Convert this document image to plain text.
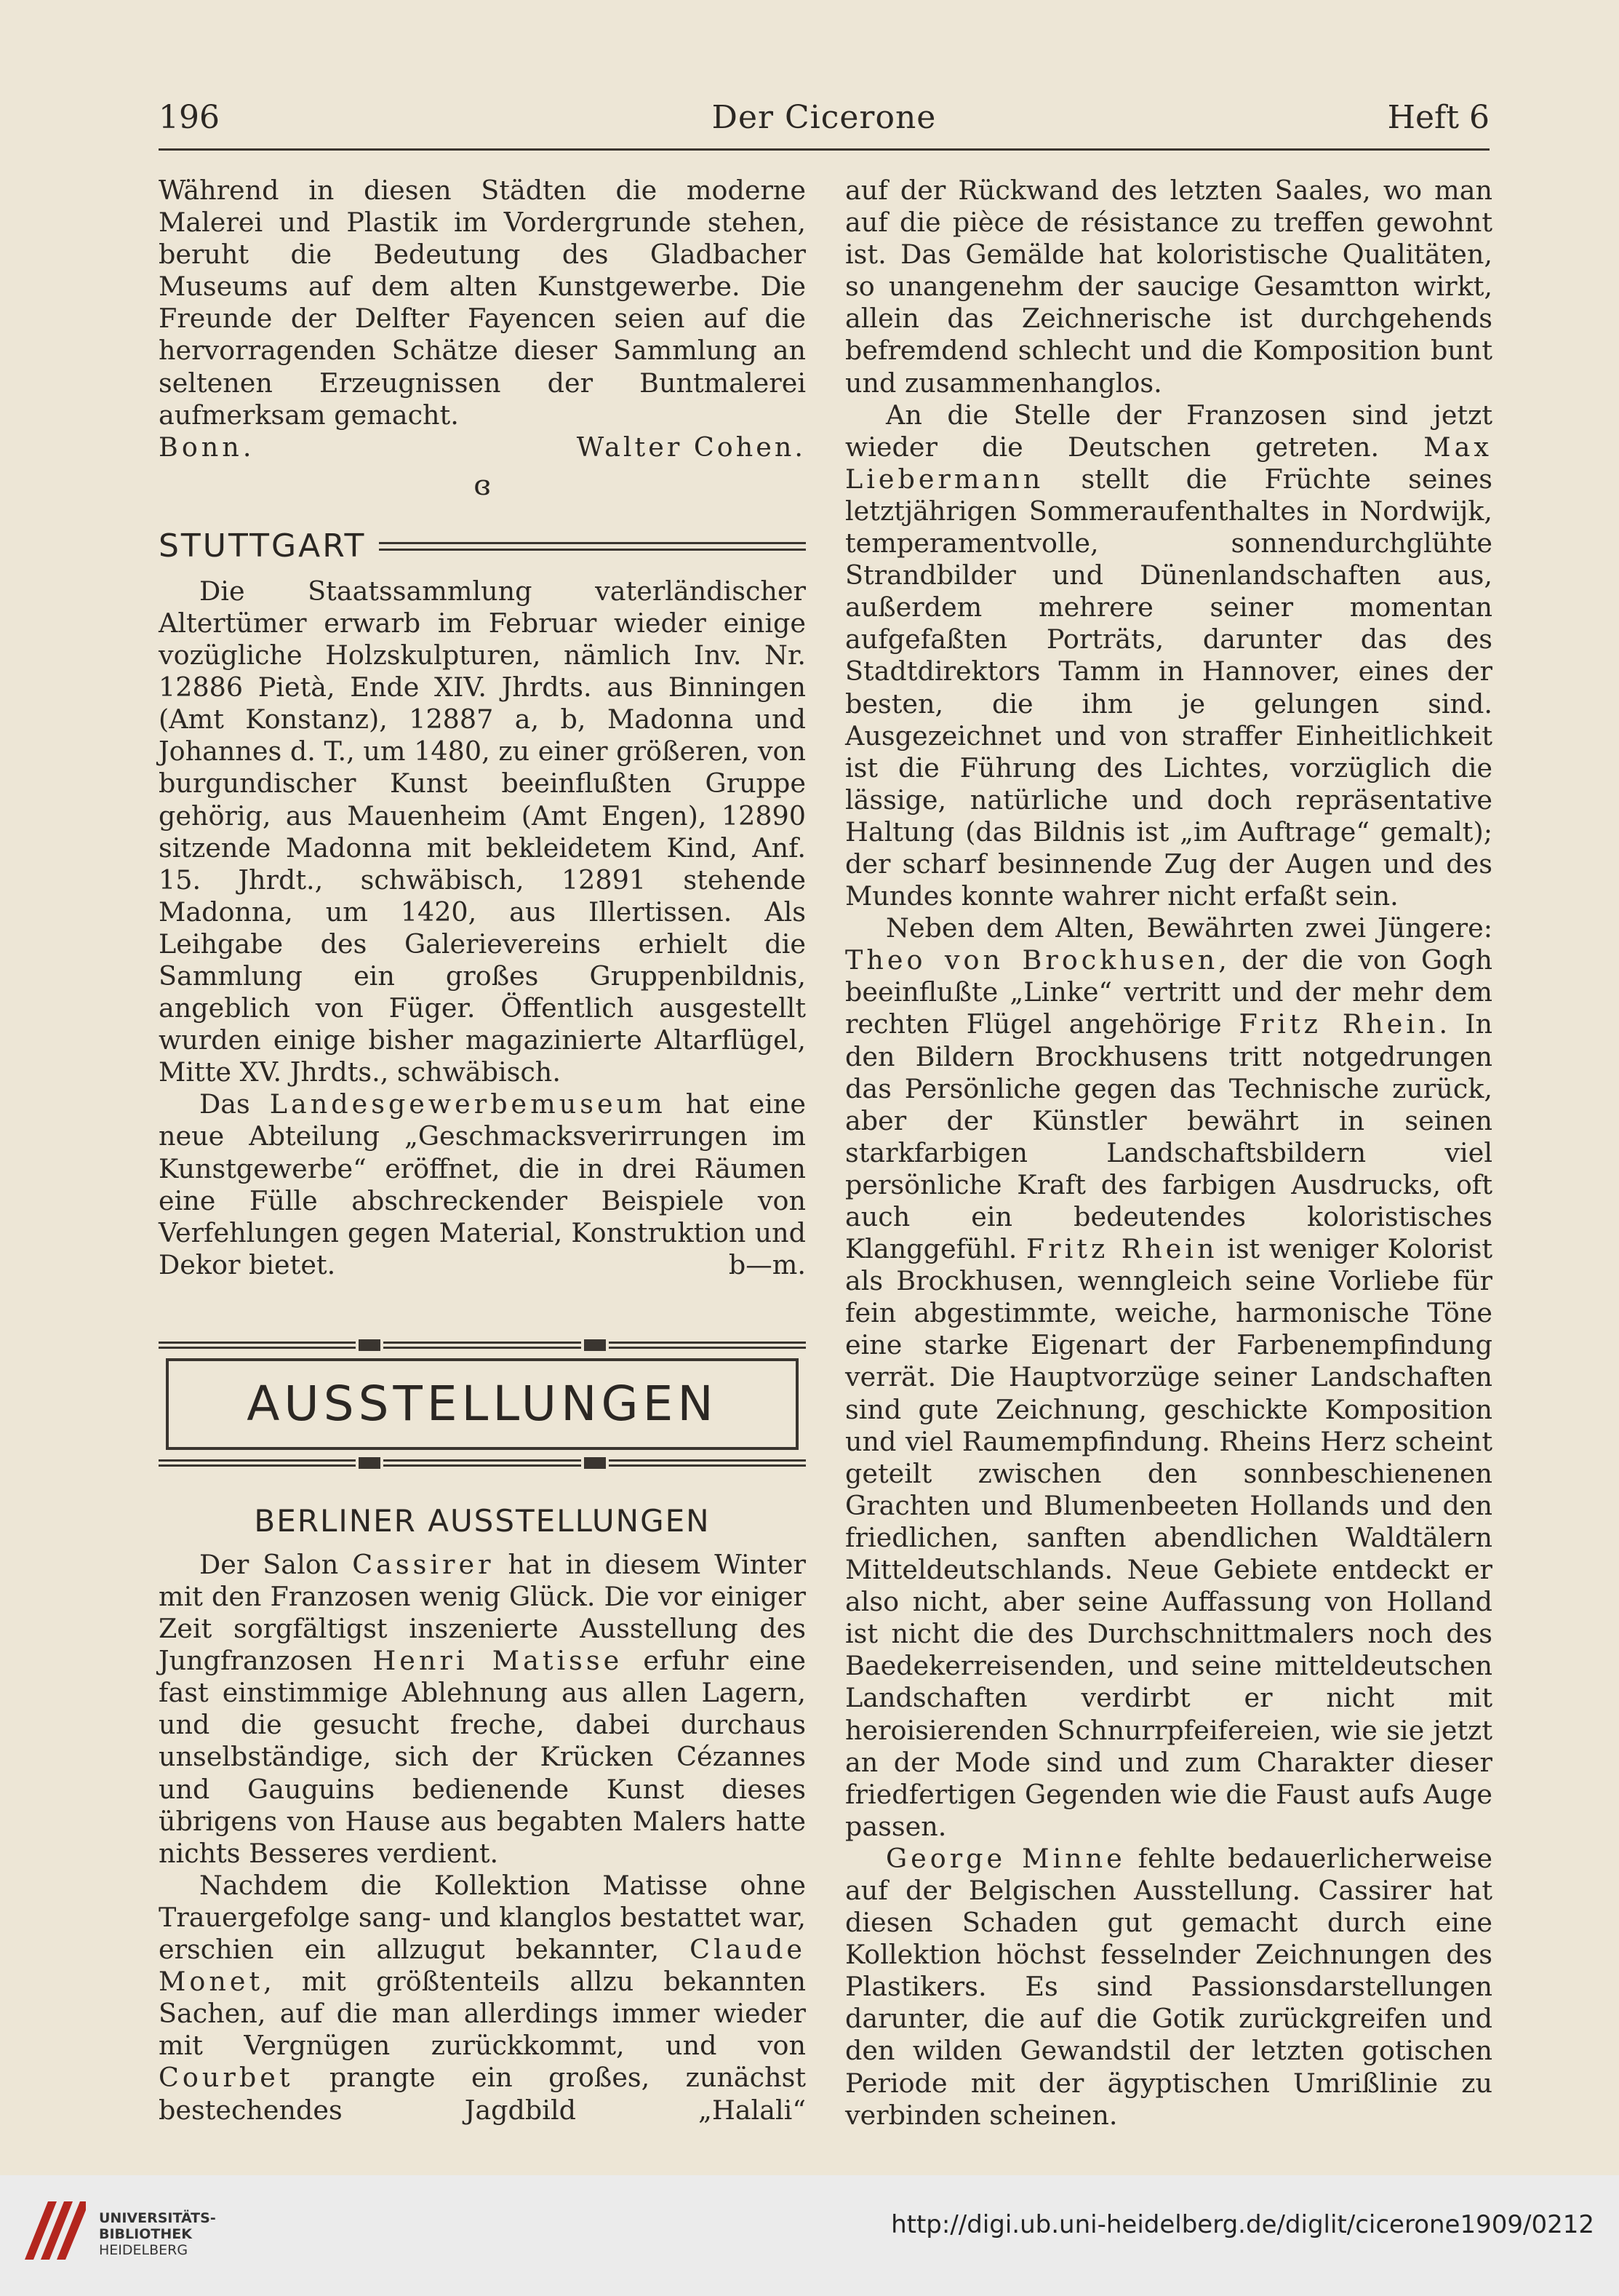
Der Cicerone
196	Heft 6

Während in diesen Städten die moderne Malerei und Plastik im Vordergrunde stehen, beruht die Bedeutung des Gladbacher Museums auf dem alten Kunstgewerbe. Die Freunde der Delfter Fayencen seien auf die hervorragenden Schätze dieser Sammlung an seltenen Erzeugnissen der Buntmalerei aufmerksam gemacht.

Bonn.	Walter Cohen.
ɞ
STUTTGART

Die Staatssammlung vaterländischer Altertümer erwarb im Februar wieder einige vozügliche Holzskulpturen, nämlich Inv. Nr. 12886 Pietà, Ende XIV. Jhrdts. aus Binningen (Amt Konstanz), 12887 a, b, Madonna und Johannes d. T., um 1480, zu einer größeren, von burgundischer Kunst beeinflußten Gruppe gehörig, aus Mauenheim (Amt Engen), 12890 sitzende Madonna mit bekleidetem Kind, Anf. 15. Jhrdt., schwäbisch, 12891 stehende Madonna, um 1420, aus Illertissen. Als Leihgabe des Galerievereins erhielt die Sammlung ein großes Gruppenbildnis, angeblich von Füger. Öffentlich ausgestellt wurden einige bisher magazinierte Altarflügel, Mitte XV. Jhrdts., schwäbisch.

Das Landesgewerbemuseum hat eine neue Abteilung „Geschmacksverirrungen im Kunstgewerbe“ eröffnet, die in drei Räumen eine Fülle abschreckender Beispiele von Verfehlungen gegen Material, Konstruktion und

Dekor bietet.	b—m.
AUSSTELLUNGEN
BERLINER AUSSTELLUNGEN

Der Salon Cassirer hat in diesem Winter mit den Franzosen wenig Glück. Die vor einiger Zeit sorgfältigst inszenierte Ausstellung des Jungfranzosen Henri Matisse erfuhr eine fast einstimmige Ablehnung aus allen Lagern, und die gesucht freche, dabei durchaus unselbständige, sich der Krücken Cézannes und Gauguins bedienende Kunst dieses übrigens von Hause aus begabten Malers hatte nichts Besseres verdient.

Nachdem die Kollektion Matisse ohne Trauergefolge sang- und klanglos bestattet war, erschien ein allzugut bekannter, Claude Monet, mit größtenteils allzu bekannten Sachen, auf die man allerdings immer wieder mit Vergnügen zurückkommt, und von Courbet prangte ein großes, zunächst bestechendes Jagdbild „Halali“

auf der Rückwand des letzten Saales, wo man auf die pièce de résistance zu treffen gewohnt ist. Das Gemälde hat koloristische Qualitäten, so unangenehm der saucige Gesamtton wirkt, allein das Zeichnerische ist durchgehends befremdend schlecht und die Komposition bunt und zusammenhanglos.

An die Stelle der Franzosen sind jetzt wieder die Deutschen getreten. Max Liebermann stellt die Früchte seines letztjährigen Sommeraufenthaltes in Nordwijk, temperamentvolle, sonnendurchglühte Strandbilder und Dünenlandschaften aus, außerdem mehrere seiner momentan aufgefaßten Porträts, darunter das des Stadtdirektors Tamm in Hannover, eines der besten, die ihm je gelungen sind. Ausgezeichnet und von straffer Einheitlichkeit ist die Führung des Lichtes, vorzüglich die lässige, natürliche und doch repräsentative Haltung (das Bildnis ist „im Auftrage“ gemalt); der scharf besinnende Zug der Augen und des Mundes konnte wahrer nicht erfaßt sein.

Neben dem Alten, Bewährten zwei Jüngere: Theo von Brockhusen, der die von Gogh beeinflußte „Linke“ vertritt und der mehr dem rechten Flügel angehörige Fritz Rhein. In den Bildern Brockhusens tritt notgedrungen das Persönliche gegen das Technische zurück, aber der Künstler bewährt in seinen starkfarbigen Landschaftsbildern viel persönliche Kraft des farbigen Ausdrucks, oft auch ein bedeutendes koloristisches Klanggefühl. Fritz Rhein ist weniger Kolorist als Brockhusen, wenngleich seine Vorliebe für fein abgestimmte, weiche, harmonische Töne eine starke Eigenart der Farbenempfindung verrät. Die Hauptvorzüge seiner Landschaften sind gute Zeichnung, geschickte Komposition und viel Raumempfindung. Rheins Herz scheint geteilt zwischen den sonnbeschienenen Grachten und Blumenbeeten Hollands und den friedlichen, sanften abendlichen Waldtälern Mitteldeutschlands. Neue Gebiete entdeckt er also nicht, aber seine Auffassung von Holland ist nicht die des Durchschnittmalers noch des Baedekerreisenden, und seine mitteldeutschen Landschaften verdirbt er nicht mit heroisierenden Schnurrpfeifereien, wie sie jetzt an der Mode sind und zum Charakter dieser friedfertigen Gegenden wie die Faust aufs Auge passen.

George Minne fehlte bedauerlicherweise auf der Belgischen Ausstellung. Cassirer hat diesen Schaden gut gemacht durch eine Kollektion höchst fesselnder Zeichnungen des Plastikers. Es sind Passionsdarstellungen darunter, die auf die Gotik zurückgreifen und den wilden Gewandstil der letzten gotischen Periode mit der ägyptischen Umrißlinie zu verbinden scheinen.

UNIVERSITÄTS-
BIBLIOTHEK
HEIDELBERG
http://digi.ub.uni-heidelberg.de/diglit/cicerone1909/0212
